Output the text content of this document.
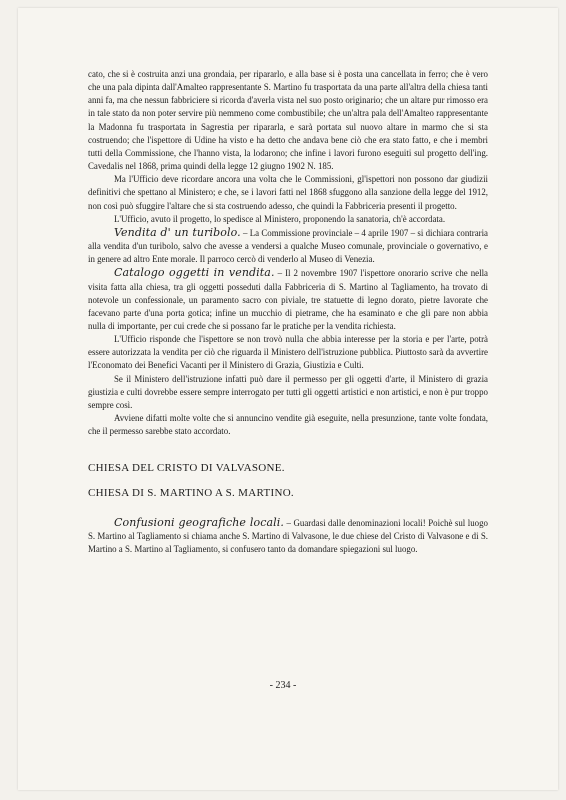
cato, che si è costruita anzi una grondaia, per ripararlo, e alla base si è posta una cancellata in ferro; che è vero che una pala dipinta dall'Amalteo rappresentante S. Martino fu trasportata da una parte all'altra della chiesa tanti anni fa, ma che nessun fabbriciere si ricorda d'averla vista nel suo posto originario; che un altare pur rimosso era in tale stato da non poter servire più nemmeno come combustibile; che un'altra pala dell'Amalteo rappresentante la Madonna fu trasportata in Sagrestia per ripararla, e sarà portata sul nuovo altare in marmo che si sta costruendo; che l'ispettore di Udine ha visto e ha detto che andava bene ciò che era stato fatto, e che i membri tutti della Commissione, che l'hanno vista, la lodarono; che infine i lavori furono eseguiti sul progetto dell'ing. Cavedalis nel 1868, prima quindi della legge 12 giugno 1902 N. 185.

Ma l'Ufficio deve ricordare ancora una volta che le Commissioni, gl'ispettori non possono dar giudizii definitivi che spettano al Ministero; e che, se i lavori fatti nel 1868 sfuggono alla sanzione della legge del 1912, non così può sfuggire l'altare che si sta costruendo adesso, che quindi la Fabbriceria presenti il progetto.

L'Ufficio, avuto il progetto, lo spedisce al Ministero, proponendo la sanatoria, ch'è accordata.

Vendita d' un turibolo. – La Commissione provinciale – 4 aprile 1907 – si dichiara contraria alla vendita d'un turibolo, salvo che avesse a vendersi a qualche Museo comunale, provinciale o governativo, e in genere ad altro Ente morale. Il parroco cercò di venderlo al Museo di Venezia.

Catalogo oggetti in vendita. – Il 2 novembre 1907 l'ispettore onorario scrive che nella visita fatta alla chiesa, tra gli oggetti posseduti dalla Fabbriceria di S. Martino al Tagliamento, ha trovato di notevole un confessionale, un paramento sacro con piviale, tre statuette di legno dorato, pietre lavorate che facevano parte d'una porta gotica; infine un mucchio di pietrame, che ha esaminato e che gli pare non abbia nulla di importante, per cui crede che si possano far le pratiche per la vendita richiesta.

L'Ufficio risponde che l'ispettore se non trovò nulla che abbia interesse per la storia e per l'arte, potrà essere autorizzata la vendita per ciò che riguarda il Ministero dell'istruzione pubblica. Piuttosto sarà da avvertire l'Economato dei Benefici Vacanti per il Ministero di Grazia, Giustizia e Culti.

Se il Ministero dell'istruzione infatti può dare il permesso per gli oggetti d'arte, il Ministero di grazia giustizia e culti dovrebbe essere sempre interrogato per tutti gli oggetti artistici e non artistici, e non è pur troppo sempre così.

Avviene difatti molte volte che si annuncino vendite già eseguite, nella presunzione, tante volte fondata, che il permesso sarebbe stato accordato.

CHIESA DEL CRISTO DI VALVASONE.

CHIESA DI S. MARTINO A S. MARTINO.

Confusioni geografiche locali. – Guardasi dalle denominazioni locali! Poichè sul luogo S. Martino al Tagliamento si chiama anche S. Martino di Valvasone, le due chiese del Cristo di Valvasone e di S. Martino a S. Martino al Tagliamento, si confusero tanto da domandare spiegazioni sul luogo.

- 234 -
